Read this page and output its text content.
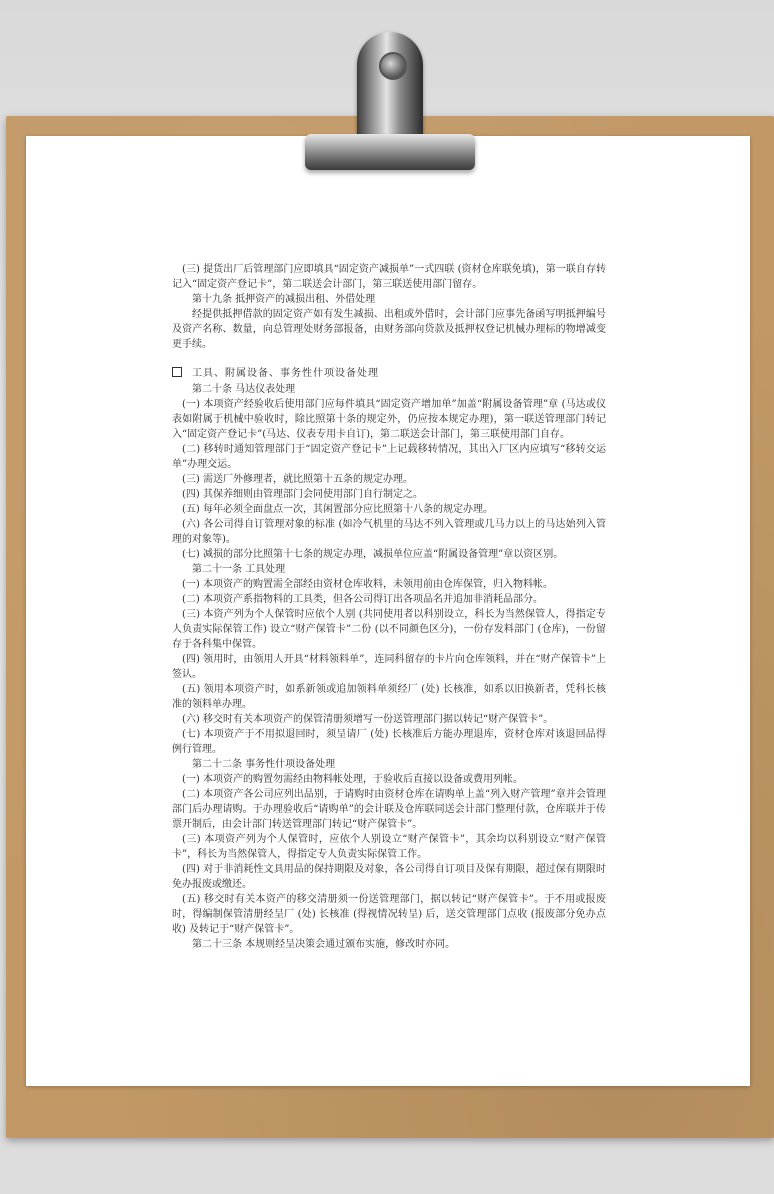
(三) 提货出厂后管理部门应即填具“固定资产减损单”一式四联 (资材仓库联免填)，第一联自存转记入“固定资产登记卡”，第二联送会计部门，第三联送使用部门留存。

第十九条 抵押资产的减损出租、外借处理

经提供抵押借款的固定资产如有发生减损、出租或外借时，会计部门应事先备函写明抵押编号及资产名称、数量，向总管理处财务部报备，由财务部向贷款及抵押权登记机械办理标的物增减变更手续。

工具、附属设备、事务性什项设备处理

第二十条 马达仪表处理

(一) 本项资产经验收后使用部门应每件填具“固定资产增加单”加盖“附属设备管理”章 (马达或仪表如附属于机械中验收时，除比照第十条的规定外，仍应按本规定办理)，第一联送管理部门转记入“固定资产登记卡”(马达、仪表专用卡自订)，第二联送会计部门，第三联使用部门自存。

(二) 移转时通知管理部门于“固定资产登记卡”上记载移转情况，其出入厂区内应填写“移转交运单”办理交运。

(三) 需送厂外修理者，就比照第十五条的规定办理。

(四) 其保养细则由管理部门会同使用部门自行制定之。

(五) 每年必须全面盘点一次，其闲置部分应比照第十八条的规定办理。

(六) 各公司得自订管理对象的标准 (如冷气机里的马达不列入管理或几马力以上的马达始列入管理的对象等)。

(七) 减损的部分比照第十七条的规定办理，减损单位应盖“附属设备管理”章以资区别。

第二十一条 工具处理

(一) 本项资产的购置需全部经由资材仓库收料，未领用前由仓库保管，归入物料帐。

(二) 本项资产系指物料的工具类，但各公司得订出各项品名并追加非消耗品部分。

(三) 本资产列为个人保管时应依个人别 (共同使用者以科别设立，科长为当然保管人，得指定专人负责实际保管工作) 设立“财产保管卡”二份 (以不同颜色区分)，一份存发料部门 (仓库)，一份留存于各科集中保管。

(四) 领用时，由领用人开具“材料领料单”，连同科留存的卡片向仓库领料，并在“财产保管卡”上签认。

(五) 领用本项资产时，如系新领或追加领料单须经厂 (处) 长核准，如系以旧换新者，凭科长核准的领料单办理。

(六) 移交时有关本项资产的保管清册须增写一份送管理部门据以转记“财产保管卡”。

(七) 本项资产于不用拟退回时，须呈请厂 (处) 长核准后方能办理退库，资材仓库对该退回品得例行管理。

第二十二条 事务性什项设备处理

(一) 本项资产的购置勿需经由物料帐处理，于验收后直接以设备或费用列帐。

(二) 本项资产各公司应列出品别，于请购时由资材仓库在请购单上盖“列入财产管理”章并会管理部门后办理请购。于办理验收后“请购单”的会计联及仓库联同送会计部门整理付款，仓库联并于传票开制后，由会计部门转送管理部门转记“财产保管卡”。

(三) 本项资产列为个人保管时，应依个人别设立“财产保管卡”，其余均以科别设立“财产保管卡”，科长为当然保管人，得指定专人负责实际保管工作。

(四) 对于非消耗性文具用品的保持期限及对象，各公司得自订项目及保有期限，超过保有期限时免办报废或缴还。

(五) 移交时有关本资产的移交清册须一份送管理部门，据以转记“财产保管卡”。于不用或报废时，得编制保管清册经呈厂 (处) 长核准 (得视情况转呈) 后，送交管理部门点收 (报废部分免办点收) 及转记于“财产保管卡”。

第二十三条 本规则经呈决策会通过颁布实施，修改时亦同。
